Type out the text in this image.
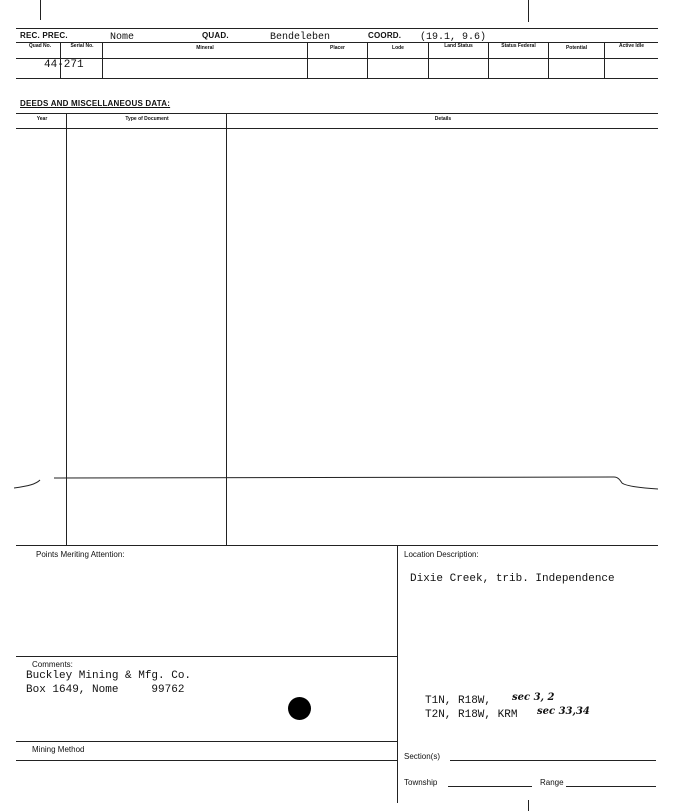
REC. PREC.	Nome	QUAD.	Bendeleben	COORD. (19.1, 9.6)
Quad No.	Serial No.	Mineral	Placer	Lode	Land Status	Status Federal	Potential	Active Idle
44-271
DEEDS AND MISCELLANEOUS DATA:
Year	Type of Document	Details
Points Meriting Attention:	Location Description:
Dixie Creek, trib. Independence
Comments:
Buckley Mining & Mfg. Co.
Box 1649, Nome     99762
T1N, R18W, sec 3, 2
T2N, R18W, KRM sec 33,34
Mining Method
Section(s)
Township	Range
